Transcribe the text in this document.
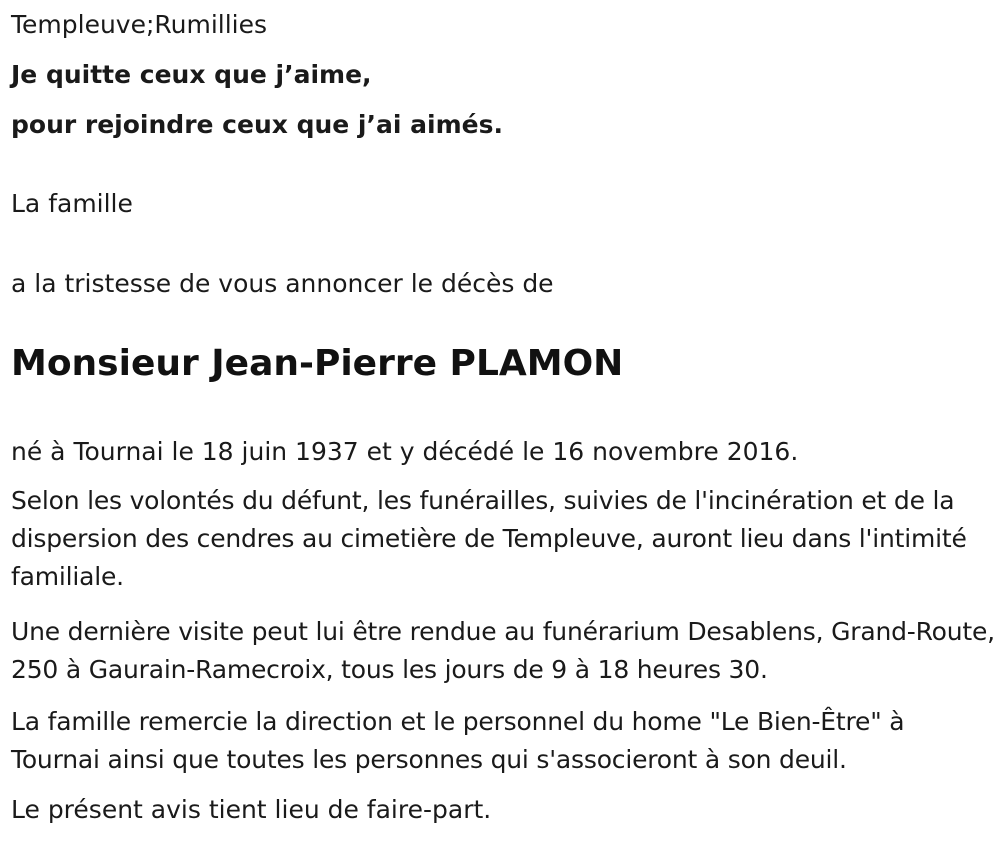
Templeuve;Rumillies

Je quitte ceux que j’aime,

pour rejoindre ceux que j’ai aimés.

La famille

a la tristesse de vous annoncer le décès de

Monsieur Jean-Pierre PLAMON

né à Tournai le 18 juin 1937 et y décédé le 16 novembre 2016.

Selon les volontés du défunt, les funérailles, suivies de l'incinération et de la dispersion des cendres au cimetière de Templeuve, auront lieu dans l'intimité familiale.

Une dernière visite peut lui être rendue au funérarium Desablens, Grand-Route, 250 à Gaurain-Ramecroix, tous les jours de 9 à 18 heures 30.

La famille remercie la direction et le personnel du home "Le Bien-Être" à Tournai ainsi que toutes les personnes qui s'associeront à son deuil.

Le présent avis tient lieu de faire-part.
